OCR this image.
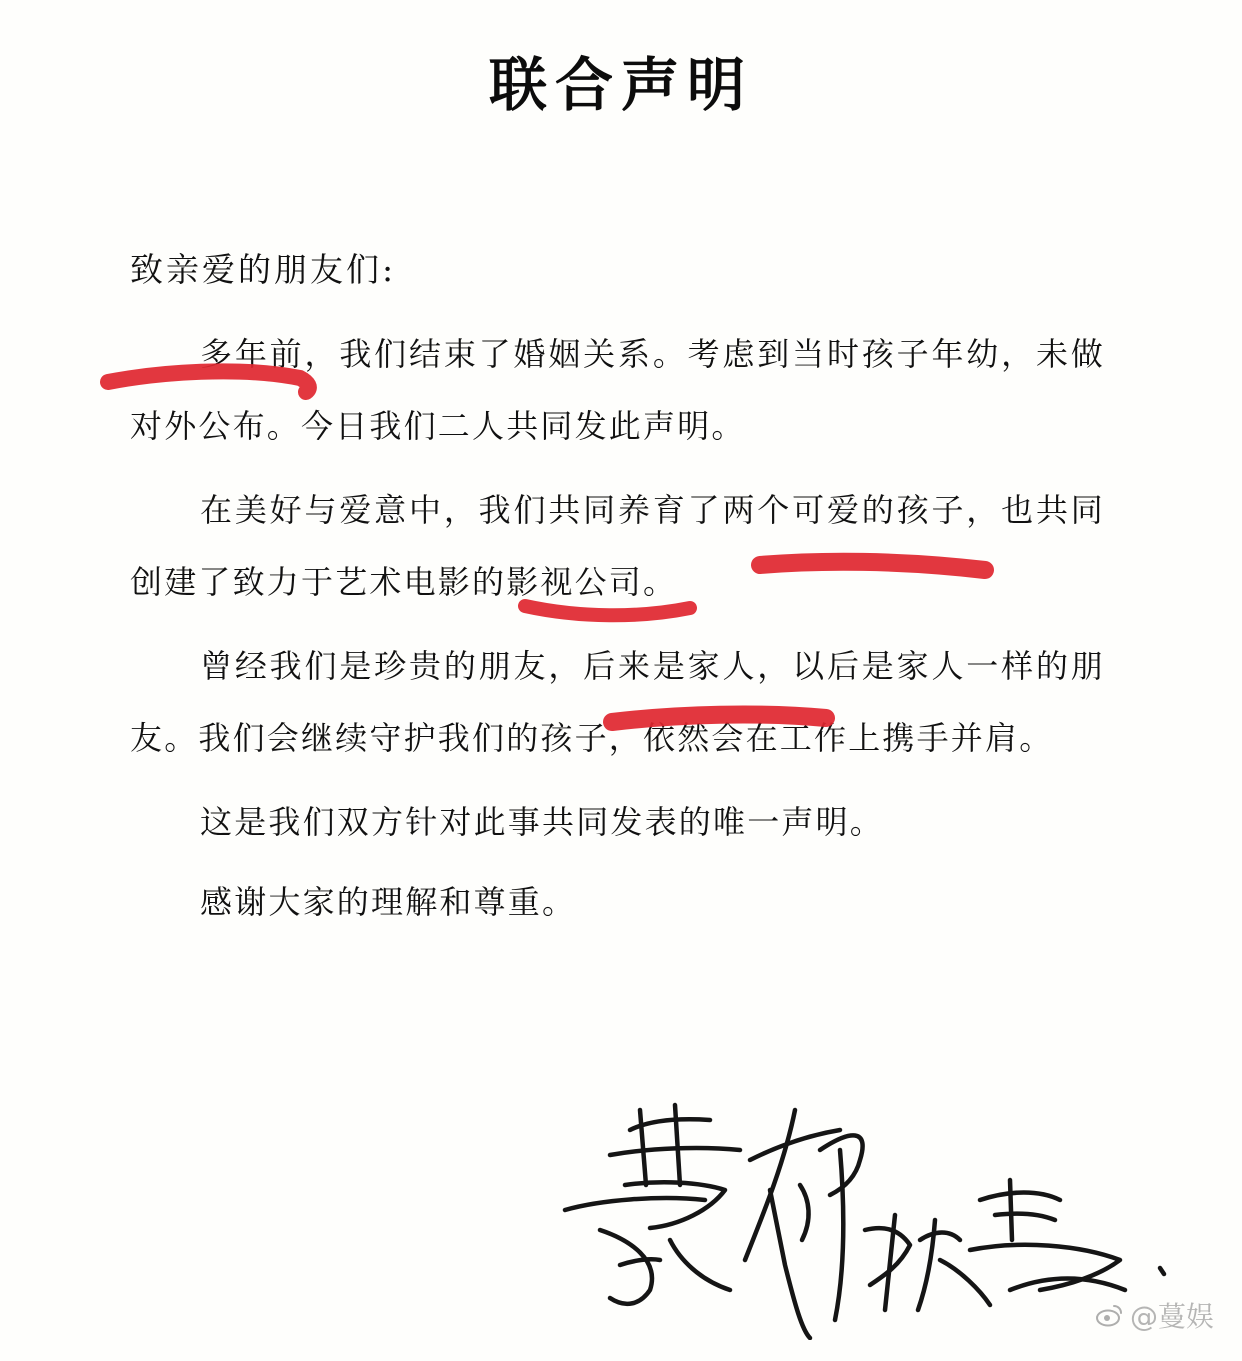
联合声明

致亲爱的朋友们:

多年前，我们结束了婚姻关系。考虑到当时孩子年幼，未做对外公布。今日我们二人共同发此声明。

在美好与爱意中，我们共同养育了两个可爱的孩子，也共同创建了致力于艺术电影的影视公司。

曾经我们是珍贵的朋友，后来是家人，以后是家人一样的朋友。我们会继续守护我们的孩子，依然会在工作上携手并肩。

这是我们双方针对此事共同发表的唯一声明。

感谢大家的理解和尊重。

@蔓娱
